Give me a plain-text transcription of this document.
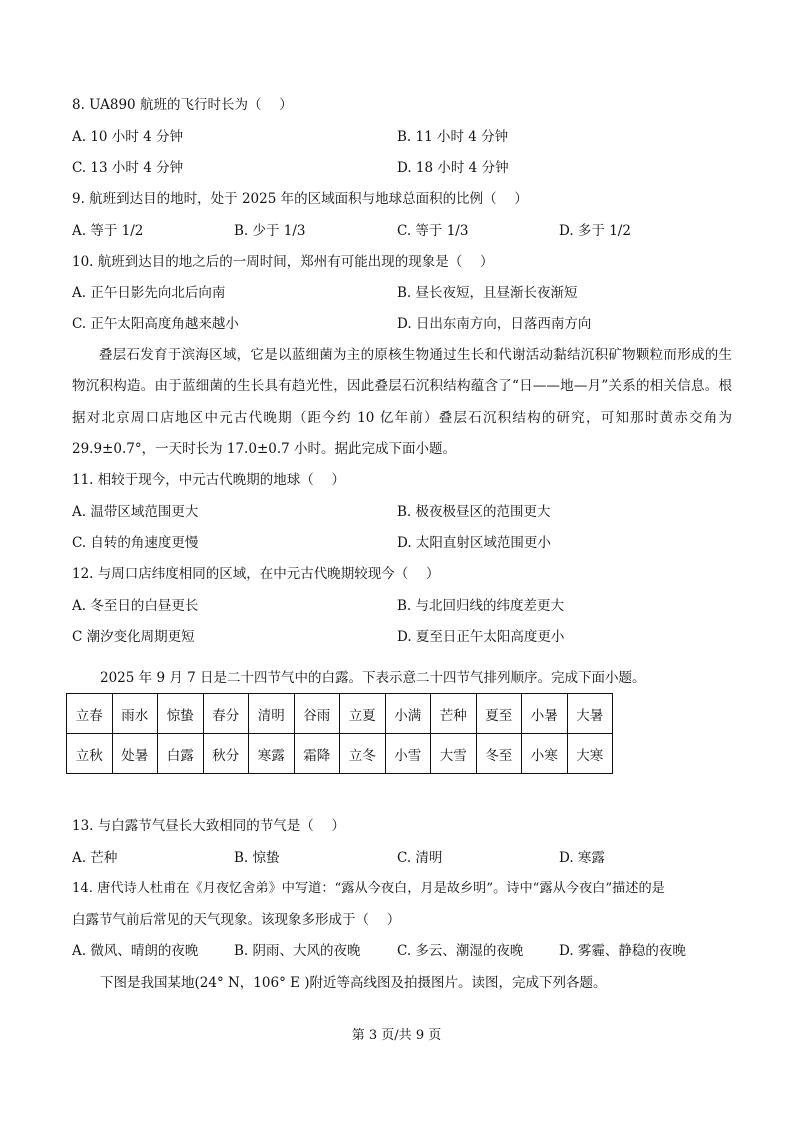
8. UA890 航班的飞行时长为（　 ）
A. 10 小时 4 分钟	B. 11 小时 4 分钟
C. 13 小时 4 分钟	D. 18 小时 4 分钟
9. 航班到达目的地时，处于 2025 年的区域面积与地球总面积的比例（　 ）
A. 等于 1/2	B. 少于 1/3	C. 等于 1/3	D. 多于 1/2
10. 航班到达目的地之后的一周时间，郑州有可能出现的现象是（　 ）
A. 正午日影先向北后向南	B. 昼长夜短，且昼渐长夜渐短
C. 正午太阳高度角越来越小	D. 日出东南方向，日落西南方向

叠层石发育于滨海区域，它是以蓝细菌为主的原核生物通过生长和代谢活动黏结沉积矿物颗粒而形成的生物沉积构造。由于蓝细菌的生长具有趋光性，因此叠层石沉积结构蕴含了“日——地—月”关系的相关信息。根据对北京周口店地区中元古代晚期（距今约 10 亿年前）叠层石沉积结构的研究，可知那时黄赤交角为 29.9±0.7°，一天时长为 17.0±0.7 小时。据此完成下面小题。

11. 相较于现今，中元古代晚期的地球（　 ）
A. 温带区域范围更大	B. 极夜极昼区的范围更大
C. 自转的角速度更慢	D. 太阳直射区域范围更小
12. 与周口店纬度相同的区域，在中元古代晚期较现今（　 ）
A. 冬至日的白昼更长	B. 与北回归线的纬度差更大
C 潮汐变化周期更短	D. 夏至日正午太阳高度更小
2025 年 9 月 7 日是二十四节气中的白露。下表示意二十四节气排列顺序。完成下面小题。
立春	雨水	惊蛰	春分	清明	谷雨	立夏	小满	芒种	夏至	小暑	大暑
立秋	处暑	白露	秋分	寒露	霜降	立冬	小雪	大雪	冬至	小寒	大寒
13. 与白露节气昼长大致相同的节气是（　 ）
A. 芒种	B. 惊蛰	C. 清明	D. 寒露
14. 唐代诗人杜甫在《月夜忆舍弟》中写道：“露从今夜白，月是故乡明”。诗中“露从今夜白”描述的是
白露节气前后常见的天气现象。该现象多形成于（　 ）
A. 微风、晴朗的夜晚	B. 阴雨、大风的夜晚	C. 多云、潮湿的夜晚	D. 雾霾、静稳的夜晚
下图是我国某地(24° N，106° E )附近等高线图及拍摄图片。读图，完成下列各题。
第 3 页/共 9 页
